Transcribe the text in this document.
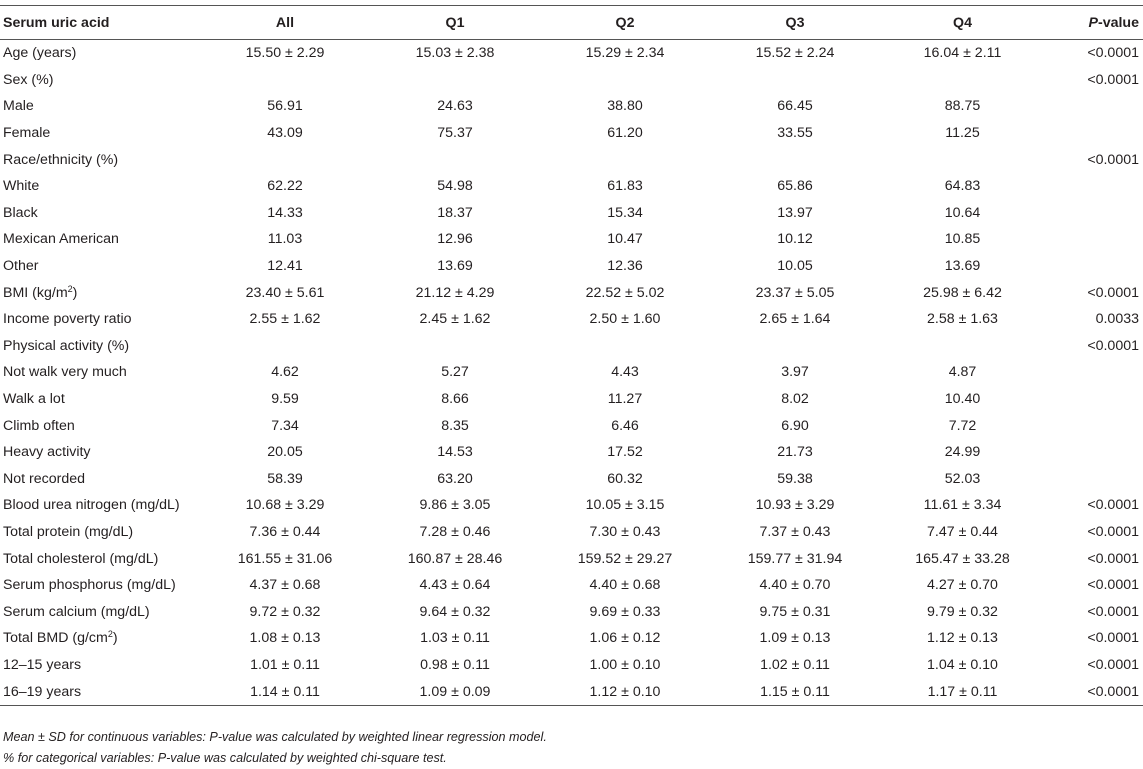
Serum uric acid	All	Q1	Q2	Q3	Q4	P-value
Age (years)	15.50 ± 2.29	15.03 ± 2.38	15.29 ± 2.34	15.52 ± 2.24	16.04 ± 2.11	<0.0001
Sex (%)						<0.0001
Male	56.91	24.63	38.80	66.45	88.75	
Female	43.09	75.37	61.20	33.55	11.25	
Race/ethnicity (%)						<0.0001
White	62.22	54.98	61.83	65.86	64.83	
Black	14.33	18.37	15.34	13.97	10.64	
Mexican American	11.03	12.96	10.47	10.12	10.85	
Other	12.41	13.69	12.36	10.05	13.69	
BMI $(kg/m^2)$	23.40 ± 5.61	21.12 ± 4.29	22.52 ± 5.02	23.37 ± 5.05	25.98 ± 6.42	<0.0001
Income poverty ratio	2.55 ± 1.62	2.45 ± 1.62	2.50 ± 1.60	2.65 ± 1.64	2.58 ± 1.63	0.0033
Physical activity (%)						<0.0001
Not walk very much	4.62	5.27	4.43	3.97	4.87	
Walk a lot	9.59	8.66	11.27	8.02	10.40	
Climb often	7.34	8.35	6.46	6.90	7.72	
Heavy activity	20.05	14.53	17.52	21.73	24.99	
Not recorded	58.39	63.20	60.32	59.38	52.03	
Blood urea nitrogen (mg/dL)	10.68 ± 3.29	9.86 ± 3.05	10.05 ± 3.15	10.93 ± 3.29	11.61 ± 3.34	<0.0001
Total protein (mg/dL)	7.36 ± 0.44	7.28 ± 0.46	7.30 ± 0.43	7.37 ± 0.43	7.47 ± 0.44	<0.0001
Total cholesterol (mg/dL)	161.55 ± 31.06	160.87 ± 28.46	159.52 ± 29.27	159.77 ± 31.94	165.47 ± 33.28	<0.0001
Serum phosphorus (mg/dL)	4.37 ± 0.68	4.43 ± 0.64	4.40 ± 0.68	4.40 ± 0.70	4.27 ± 0.70	<0.0001
Serum calcium (mg/dL)	9.72 ± 0.32	9.64 ± 0.32	9.69 ± 0.33	9.75 ± 0.31	9.79 ± 0.32	<0.0001
Total BMD $(g/cm^2)$	1.08 ± 0.13	1.03 ± 0.11	1.06 ± 0.12	1.09 ± 0.13	1.12 ± 0.13	<0.0001
12–15 years	1.01 ± 0.11	0.98 ± 0.11	1.00 ± 0.10	1.02 ± 0.11	1.04 ± 0.10	<0.0001
16–19 years	1.14 ± 0.11	1.09 ± 0.09	1.12 ± 0.10	1.15 ± 0.11	1.17 ± 0.11	<0.0001
Mean ± SD for continuous variables: P-value was calculated by weighted linear regression model.
% for categorical variables: P-value was calculated by weighted chi-square test.
